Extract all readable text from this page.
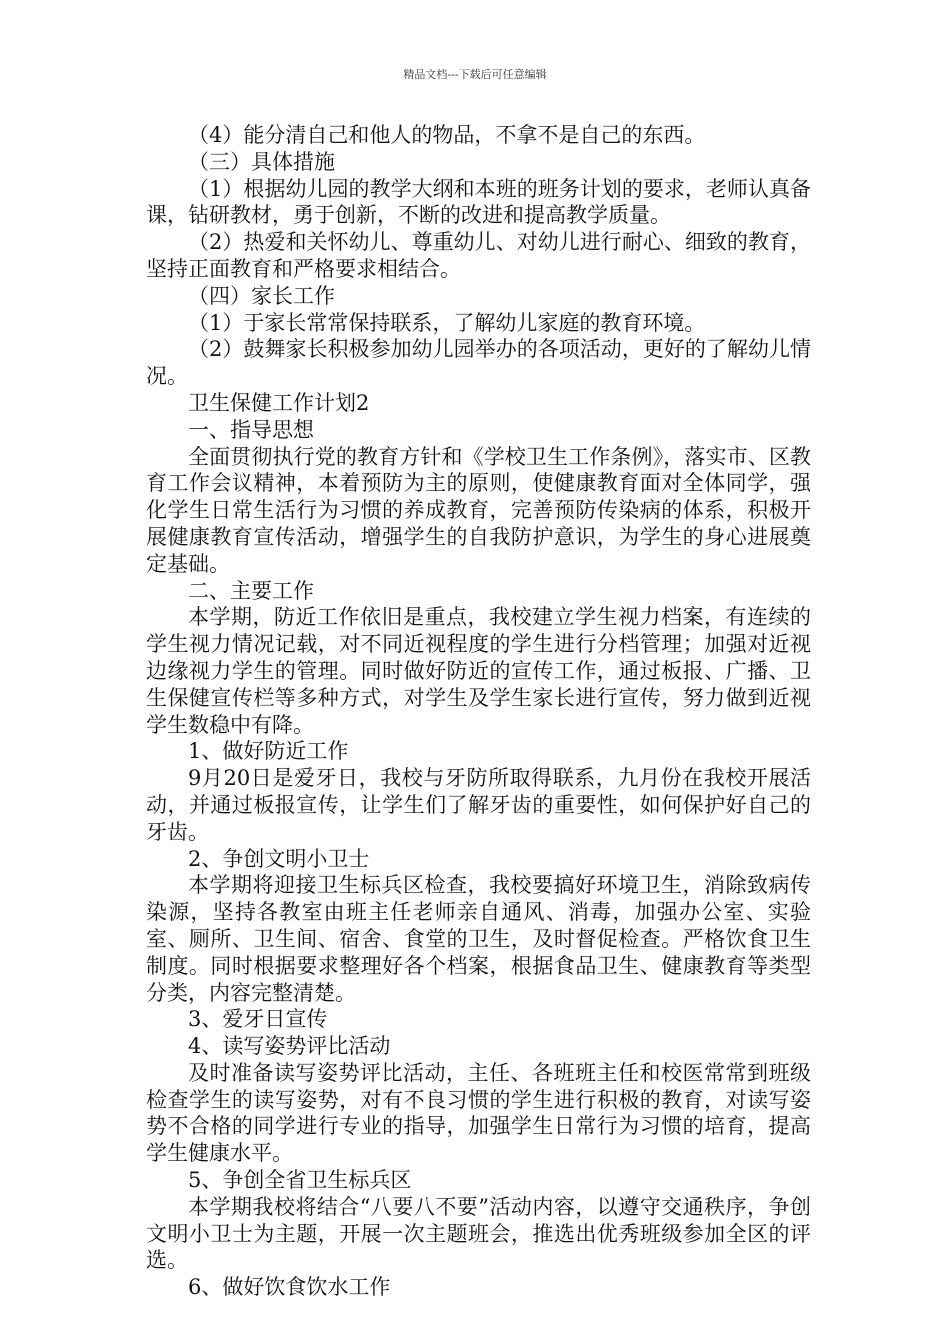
精品文档---下载后可任意编辑

（4）能分清自己和他人的物品，不拿不是自己的东西。

（三）具体措施

（1）根据幼儿园的教学大纲和本班的班务计划的要求，老师认真备课，钻研教材，勇于创新，不断的改进和提高教学质量。

（2）热爱和关怀幼儿、尊重幼儿、对幼儿进行耐心、细致的教育，坚持正面教育和严格要求相结合。

（四）家长工作

（1）于家长常常保持联系，了解幼儿家庭的教育环境。

（2）鼓舞家长积极参加幼儿园举办的各项活动，更好的了解幼儿情况。

卫生保健工作计划2

一、指导思想

全面贯彻执行党的教育方针和《学校卫生工作条例》，落实市、区教育工作会议精神，本着预防为主的原则，使健康教育面对全体同学，强化学生日常生活行为习惯的养成教育，完善预防传染病的体系，积极开展健康教育宣传活动，增强学生的自我防护意识，为学生的身心进展奠定基础。

二、主要工作

本学期，防近工作依旧是重点，我校建立学生视力档案，有连续的学生视力情况记载，对不同近视程度的学生进行分档管理；加强对近视边缘视力学生的管理。同时做好防近的宣传工作，通过板报、广播、卫生保健宣传栏等多种方式，对学生及学生家长进行宣传，努力做到近视学生数稳中有降。

1、做好防近工作

9月20日是爱牙日，我校与牙防所取得联系，九月份在我校开展活动，并通过板报宣传，让学生们了解牙齿的重要性，如何保护好自己的牙齿。

2、争创文明小卫士

本学期将迎接卫生标兵区检查，我校要搞好环境卫生，消除致病传染源，坚持各教室由班主任老师亲自通风、消毒，加强办公室、实验室、厕所、卫生间、宿舍、食堂的卫生，及时督促检查。严格饮食卫生制度。同时根据要求整理好各个档案，根据食品卫生、健康教育等类型分类，内容完整清楚。

3、爱牙日宣传

4、读写姿势评比活动

及时准备读写姿势评比活动，主任、各班班主任和校医常常到班级检查学生的读写姿势，对有不良习惯的学生进行积极的教育，对读写姿势不合格的同学进行专业的指导，加强学生日常行为习惯的培育，提高学生健康水平。

5、争创全省卫生标兵区

本学期我校将结合“八要八不要”活动内容，以遵守交通秩序，争创文明小卫士为主题，开展一次主题班会，推选出优秀班级参加全区的评选。

6、做好饮食饮水工作
